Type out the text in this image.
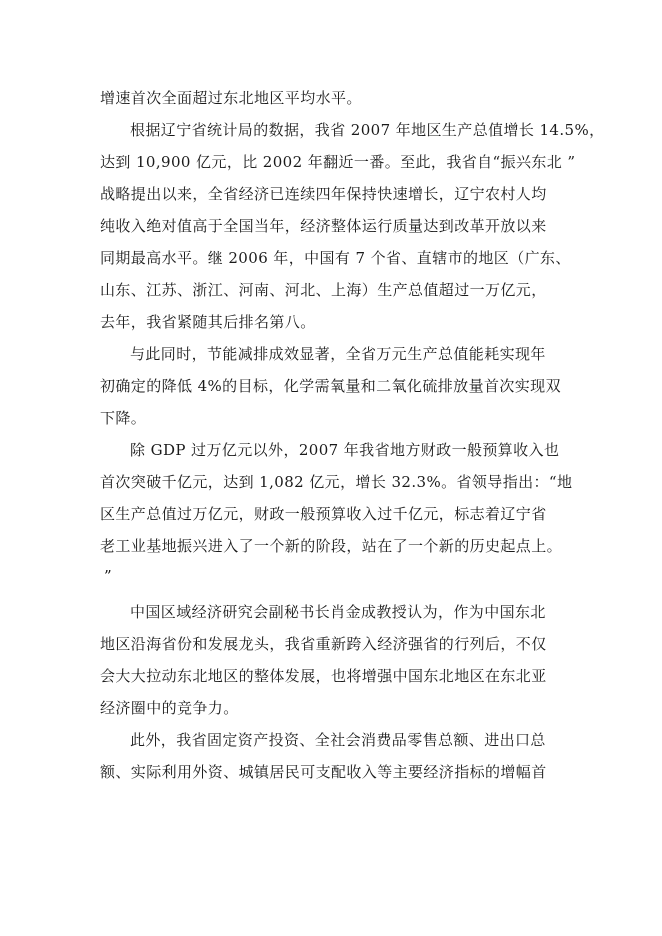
增速首次全面超过东北地区平均水平。
根据辽宁省统计局的数据，我省 2007 年地区生产总值增长 14.5%，
达到 10,900 亿元，比 2002 年翻近一番。至此，我省自“振兴东北 ”
战略提出以来，全省经济已连续四年保持快速增长，辽宁农村人均
纯收入绝对值高于全国当年，经济整体运行质量达到改革开放以来
同期最高水平。继 2006 年，中国有 7 个省、直辖市的地区（广东、
山东、江苏、浙江、河南、河北、上海）生产总值超过一万亿元，
去年，我省紧随其后排名第八。
与此同时，节能减排成效显著，全省万元生产总值能耗实现年
初确定的降低 4%的目标，化学需氧量和二氧化硫排放量首次实现双
下降。
除 GDP 过万亿元以外，2007 年我省地方财政一般预算收入也
首次突破千亿元，达到 1,082 亿元，增长 32.3%。省领导指出：“地
区生产总值过万亿元，财政一般预算收入过千亿元，标志着辽宁省
老工业基地振兴进入了一个新的阶段，站在了一个新的历史起点上。
”
中国区域经济研究会副秘书长肖金成教授认为，作为中国东北
地区沿海省份和发展龙头，我省重新跨入经济强省的行列后，不仅
会大大拉动东北地区的整体发展，也将增强中国东北地区在东北亚
经济圈中的竞争力。
此外，我省固定资产投资、全社会消费品零售总额、进出口总
额、实际利用外资、城镇居民可支配收入等主要经济指标的增幅首
